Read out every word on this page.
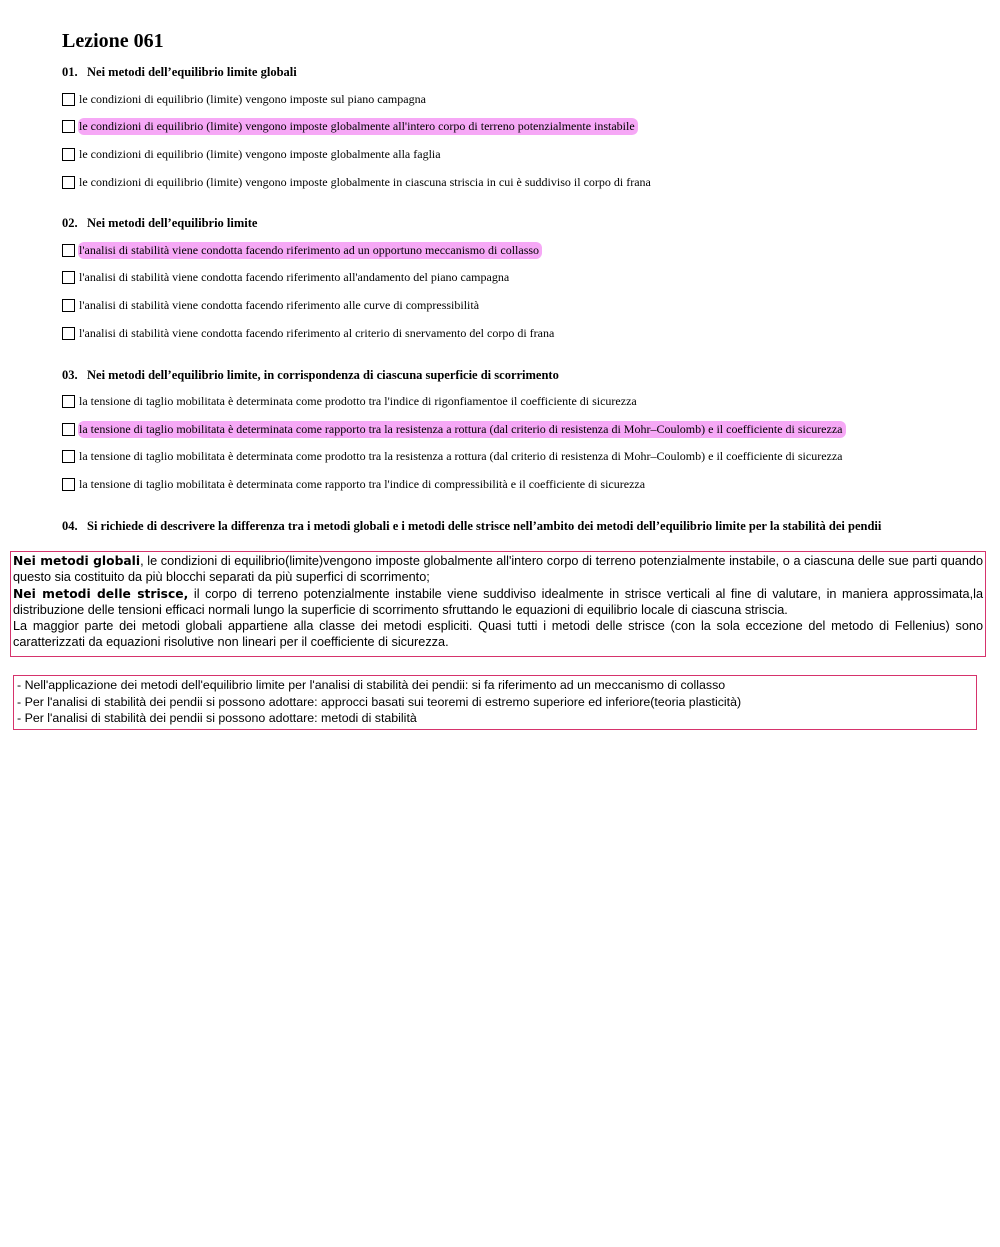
Lezione 061
01. Nei metodi dell’equilibrio limite globali
le condizioni di equilibrio (limite) vengono imposte sul piano campagna
le condizioni di equilibrio (limite) vengono imposte globalmente all'intero corpo di terreno potenzialmente instabile
le condizioni di equilibrio (limite) vengono imposte globalmente alla faglia
le condizioni di equilibrio (limite) vengono imposte globalmente in ciascuna striscia in cui è suddiviso il corpo di frana
02. Nei metodi dell’equilibrio limite
l'analisi di stabilità viene condotta facendo riferimento ad un opportuno meccanismo di collasso
l'analisi di stabilità viene condotta facendo riferimento all'andamento del piano campagna
l'analisi di stabilità viene condotta facendo riferimento alle curve di compressibilità
l'analisi di stabilità viene condotta facendo riferimento al criterio di snervamento del corpo di frana
03. Nei metodi dell’equilibrio limite, in corrispondenza di ciascuna superficie di scorrimento
la tensione di taglio mobilitata è determinata come prodotto tra l'indice di rigonfiamentoe il coefficiente di sicurezza
la tensione di taglio mobilitata è determinata come rapporto tra la resistenza a rottura (dal criterio di resistenza di Mohr–Coulomb) e il coefficiente di sicurezza
la tensione di taglio mobilitata è determinata come prodotto tra la resistenza a rottura (dal criterio di resistenza di Mohr–Coulomb) e il coefficiente di sicurezza
la tensione di taglio mobilitata è determinata come rapporto tra l'indice di compressibilità e il coefficiente di sicurezza
04. Si richiede di descrivere la differenza tra i metodi globali e i metodi delle strisce nell’ambito dei metodi dell’equilibrio limite per la stabilità dei pendii

Nei metodi globali, le condizioni di equilibrio(limite)vengono imposte globalmente all'intero corpo di terreno potenzialmente instabile, o a ciascuna delle sue parti quando questo sia costituito da più blocchi separati da più superfici di scorrimento;

Nei metodi delle strisce, il corpo di terreno potenzialmente instabile viene suddiviso idealmente in strisce verticali al fine di valutare, in maniera approssimata,la distribuzione delle tensioni efficaci normali lungo la superficie di scorrimento sfruttando le equazioni di equilibrio locale di ciascuna striscia.

La maggior parte dei metodi globali appartiene alla classe dei metodi espliciti. Quasi tutti i metodi delle strisce (con la sola eccezione del metodo di Fellenius) sono caratterizzati da equazioni risolutive non lineari per il coefficiente di sicurezza.

- Nell'applicazione dei metodi dell'equilibrio limite per l'analisi di stabilità dei pendii: si fa riferimento ad un meccanismo di collasso
- Per l'analisi di stabilità dei pendii si possono adottare: approcci basati sui teoremi di estremo superiore ed inferiore(teoria plasticità)
- Per l'analisi di stabilità dei pendii si possono adottare: metodi di stabilità
